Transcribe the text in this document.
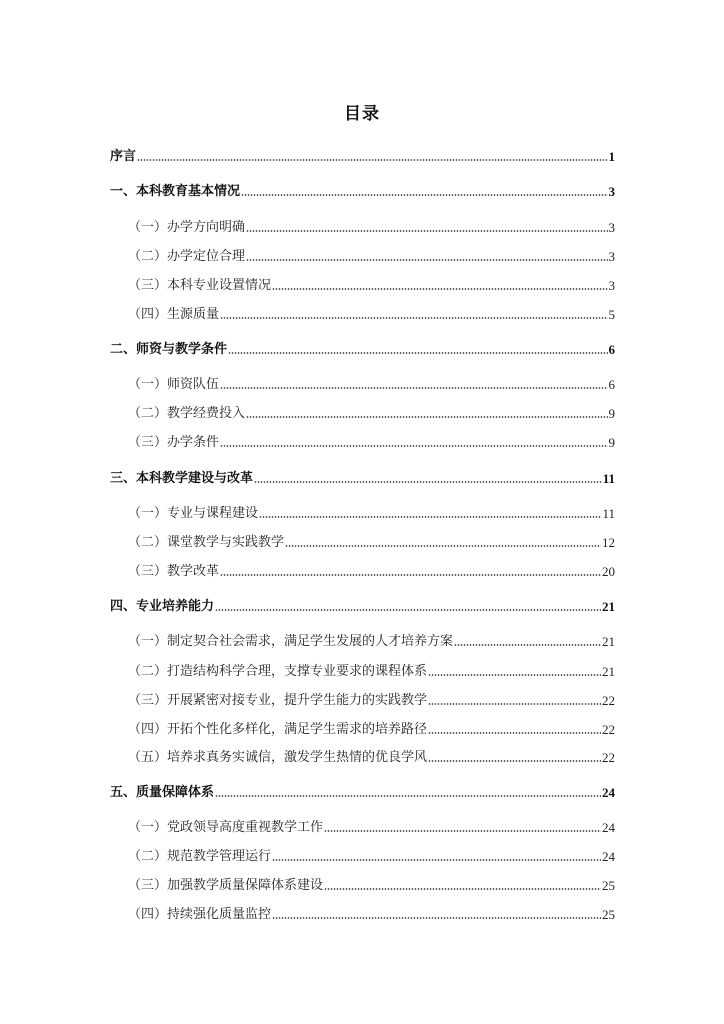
目录
序言	1
一、本科教育基本情况	3
（一）办学方向明确	3
（二）办学定位合理	3
（三）本科专业设置情况	3
（四）生源质量	5
二、师资与教学条件	6
（一）师资队伍	6
（二）教学经费投入	9
（三）办学条件	9
三、本科教学建设与改革	11
（一）专业与课程建设	11
（二）课堂教学与实践教学	12
（三）教学改革	20
四、专业培养能力	21
（一）制定契合社会需求，满足学生发展的人才培养方案	21
（二）打造结构科学合理，支撑专业要求的课程体系	21
（三）开展紧密对接专业，提升学生能力的实践教学	22
（四）开拓个性化多样化，满足学生需求的培养路径	22
（五）培养求真务实诚信，激发学生热情的优良学风	22
五、质量保障体系	24
（一）党政领导高度重视教学工作	24
（二）规范教学管理运行	24
（三）加强教学质量保障体系建设	25
（四）持续强化质量监控	25
